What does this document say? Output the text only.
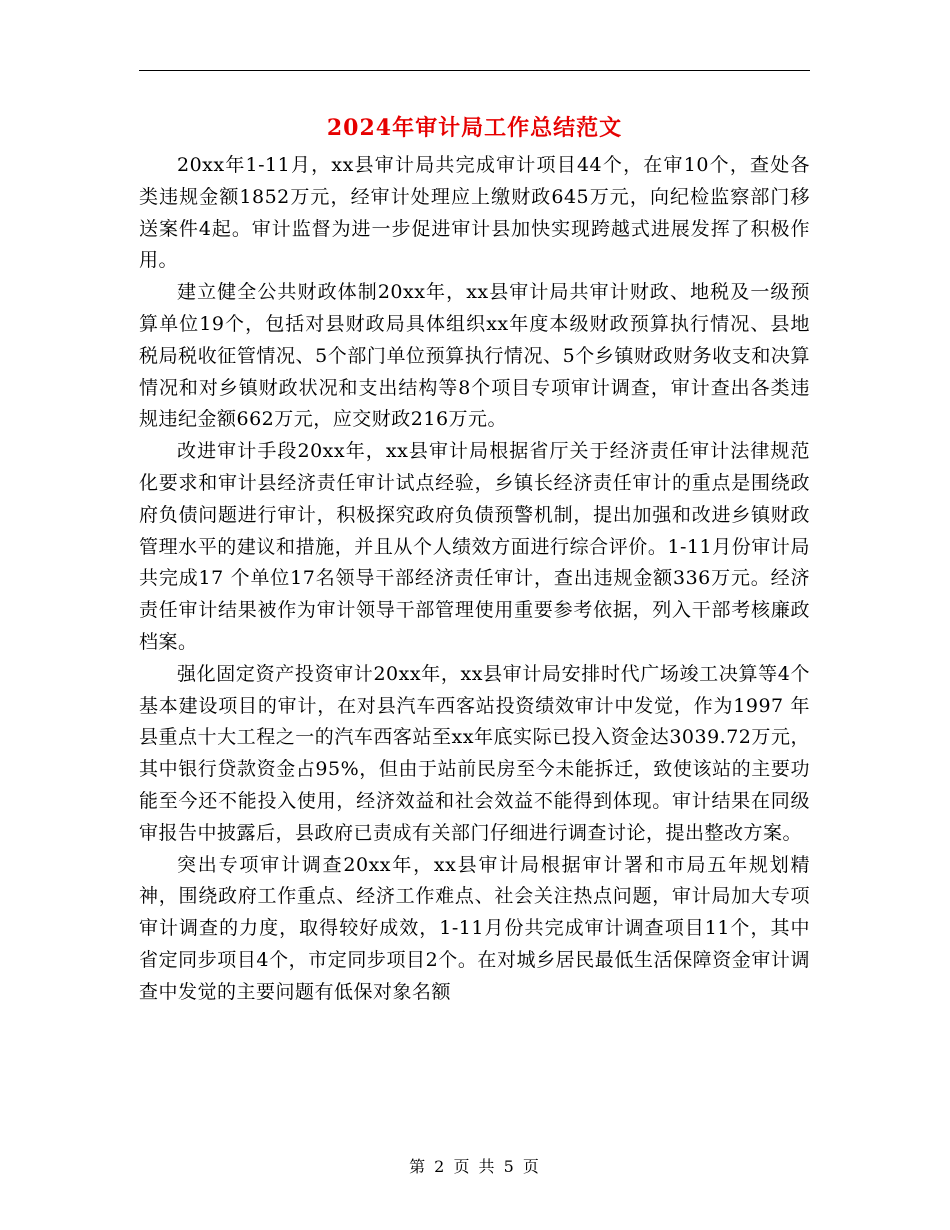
2024年审计局工作总结范文

20xx年1-11月，xx县审计局共完成审计项目44个，在审10个，查处各类违规金额1852万元，经审计处理应上缴财政645万元，向纪检监察部门移送案件4起。审计监督为进一步促进审计县加快实现跨越式进展发挥了积极作用。

建立健全公共财政体制20xx年，xx县审计局共审计财政、地税及一级预算单位19个，包括对县财政局具体组织xx年度本级财政预算执行情况、县地税局税收征管情况、5个部门单位预算执行情况、5个乡镇财政财务收支和决算情况和对乡镇财政状况和支出结构等8个项目专项审计调查，审计查出各类违规违纪金额662万元，应交财政216万元。

改进审计手段20xx年，xx县审计局根据省厅关于经济责任审计法律规范化要求和审计县经济责任审计试点经验，乡镇长经济责任审计的重点是围绕政府负债问题进行审计，积极探究政府负债预警机制，提出加强和改进乡镇财政管理水平的建议和措施，并且从个人绩效方面进行综合评价。1-11月份审计局共完成17 个单位17名领导干部经济责任审计，查出违规金额336万元。经济责任审计结果被作为审计领导干部管理使用重要参考依据，列入干部考核廉政档案。

强化固定资产投资审计20xx年，xx县审计局安排时代广场竣工决算等4个基本建设项目的审计，在对县汽车西客站投资绩效审计中发觉，作为1997 年县重点十大工程之一的汽车西客站至xx年底实际已投入资金达3039.72万元，其中银行贷款资金占95%，但由于站前民房至今未能拆迁，致使该站的主要功能至今还不能投入使用，经济效益和社会效益不能得到体现。审计结果在同级审报告中披露后，县政府已责成有关部门仔细进行调查讨论，提出整改方案。

突出专项审计调查20xx年，xx县审计局根据审计署和市局五年规划精神，围绕政府工作重点、经济工作难点、社会关注热点问题，审计局加大专项审计调查的力度，取得较好成效，1-11月份共完成审计调查项目11个，其中省定同步项目4个，市定同步项目2个。在对城乡居民最低生活保障资金审计调查中发觉的主要问题有低保对象名额

第 2 页 共 5 页
